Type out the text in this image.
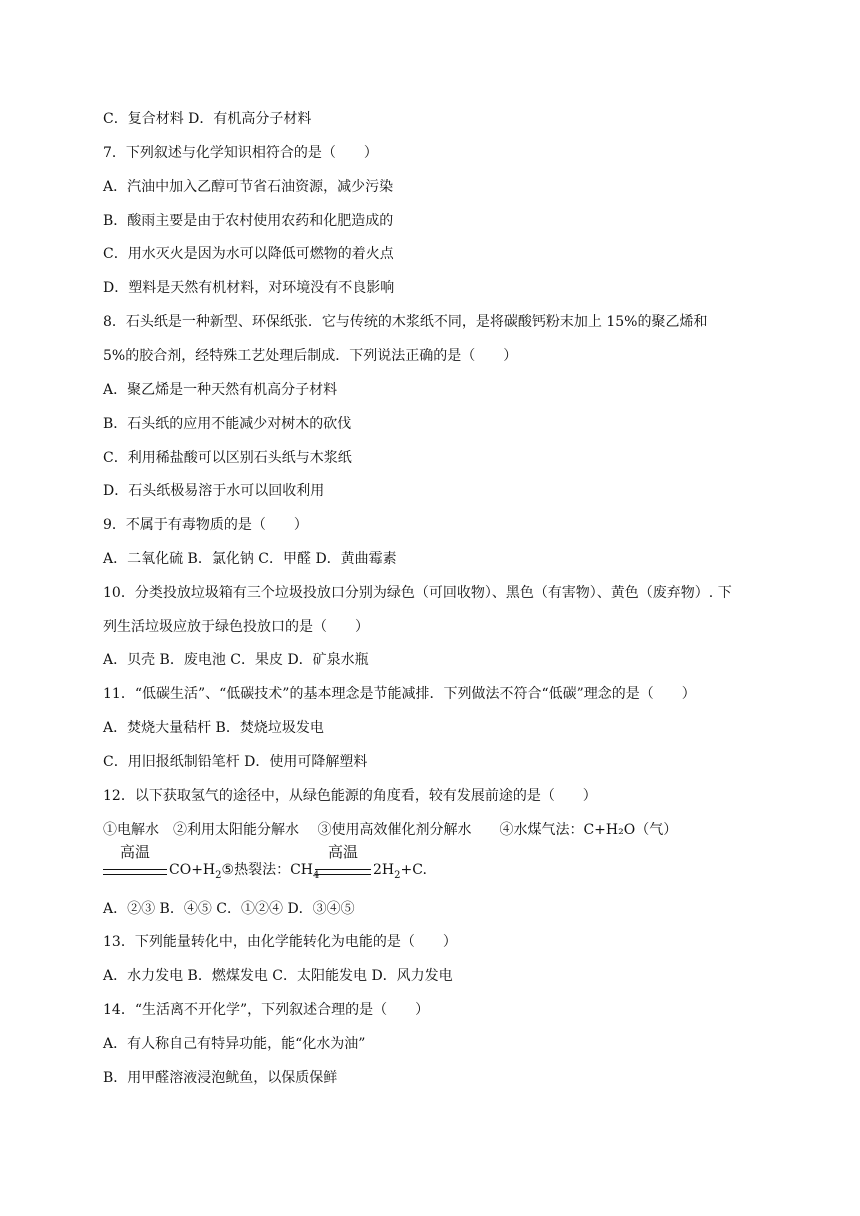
C．复合材料 D．有机高分子材料
7．下列叙述与化学知识相符合的是（　　）
A．汽油中加入乙醇可节省石油资源，减少污染
B．酸雨主要是由于农村使用农药和化肥造成的
C．用水灭火是因为水可以降低可燃物的着火点
D．塑料是天然有机材料，对环境没有不良影响
8．石头纸是一种新型、环保纸张．它与传统的木浆纸不同，是将碳酸钙粉末加上 15%的聚乙烯和
5%的胶合剂，经特殊工艺处理后制成．下列说法正确的是（　　）
A．聚乙烯是一种天然有机高分子材料
B．石头纸的应用不能减少对树木的砍伐
C．利用稀盐酸可以区别石头纸与木浆纸
D．石头纸极易溶于水可以回收利用
9．不属于有毒物质的是（　　）
A．二氧化硫 B．氯化钠 C．甲醛 D．黄曲霉素
10．分类投放垃圾箱有三个垃圾投放口分别为绿色（可回收物）、黑色（有害物）、黄色（废弃物）. 下
列生活垃圾应放于绿色投放口的是（　　）
A．贝壳 B．废电池 C．果皮 D．矿泉水瓶
11．“低碳生活”、“低碳技术”的基本理念是节能减排．下列做法不符合“低碳”理念的是（　　）
A．焚烧大量秸杆 B．焚烧垃圾发电
C．用旧报纸制铅笔杆 D．使用可降解塑料
12．以下获取氢气的途径中，从绿色能源的角度看，较有发展前途的是（　　）
①电解水　②利用太阳能分解水　 ③使用高效催化剂分解水　　④水煤气法：C+H₂O（气）
高温
$CO+H_2⑤$热裂法：$CH_4$
高温
$2H_2+C$.
A．②③ B．④⑤ C．①②④ D．③④⑤
13．下列能量转化中，由化学能转化为电能的是（　　）
A．水力发电 B．燃煤发电 C．太阳能发电 D．风力发电
14．“生活离不开化学”，下列叙述合理的是（　　）
A．有人称自己有特异功能，能“化水为油”
B．用甲醛溶液浸泡鱿鱼，以保质保鲜
